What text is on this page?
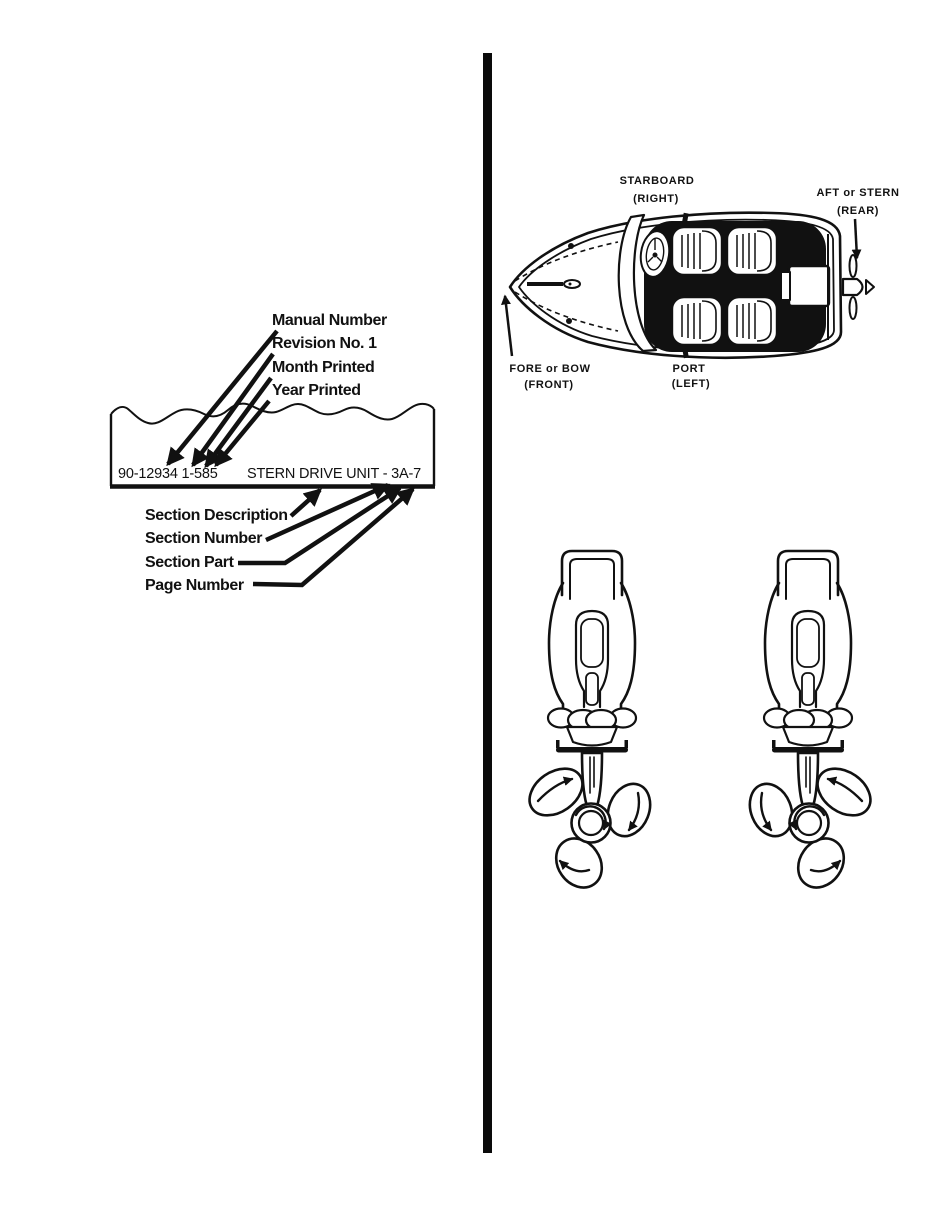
Manual Number
Revision No. 1
Month Printed
Year Printed
90-12934 1-585 STERN DRIVE UNIT - 3A-7
Section Description
Section Number
Section Part
Page Number
STARBOARD
(RIGHT)	AFT or STERN
(REAR)
FORE or BOW
(FRONT)
PORT
(LEFT)
